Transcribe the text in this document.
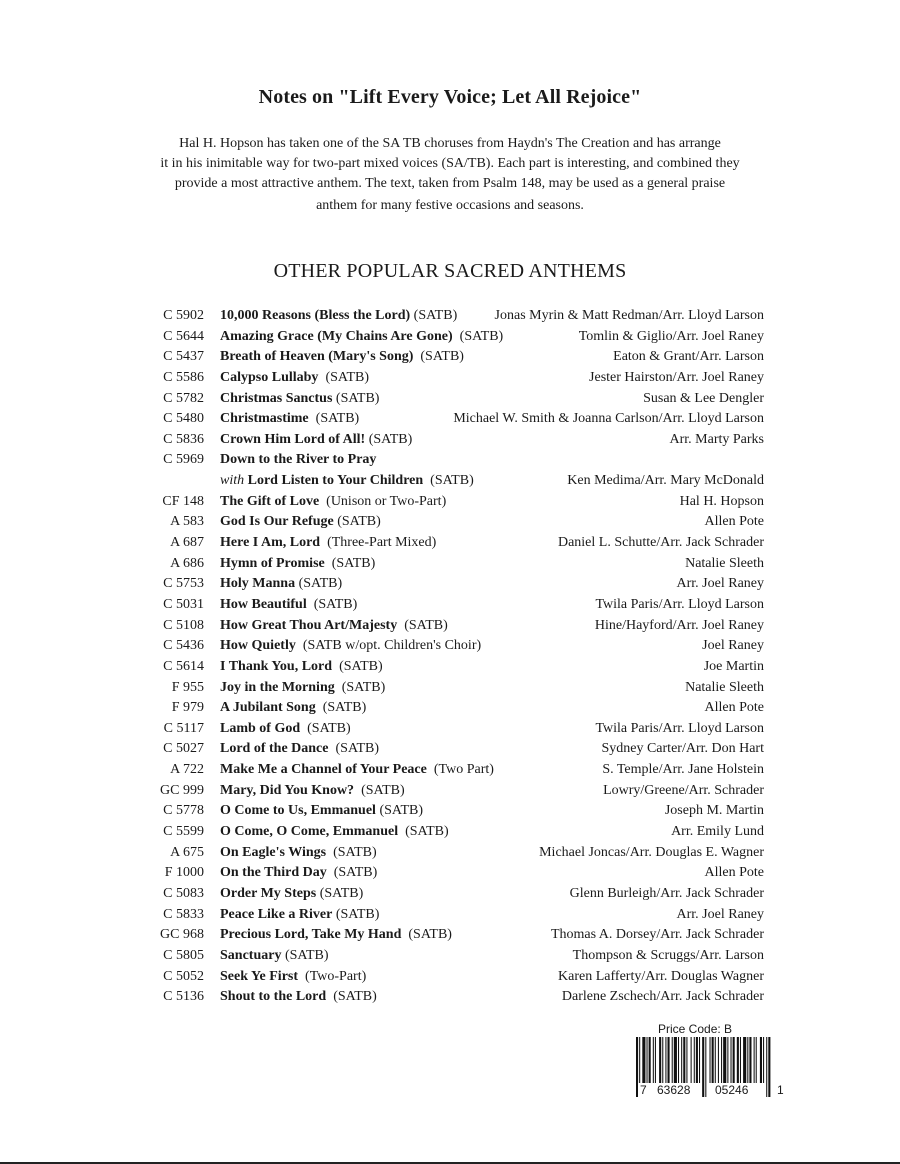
Notes on "Lift Every Voice; Let All Rejoice"
Hal H. Hopson has taken one of the SA TB choruses from Haydn's The Creation and has arrange
it in his inimitable way for two-part mixed voices (SA/TB). Each part is interesting, and combined they
provide a most attractive anthem. The text, taken from Psalm 148, may be used as a general praise
anthem for many festive occasions and seasons.
OTHER POPULAR SACRED ANTHEMS
C 5902 10,000 Reasons (Bless the Lord) (SATB)	Jonas Myrin & Matt Redman/Arr. Lloyd Larson
C 5644 Amazing Grace (My Chains Are Gone)  (SATB)	Tomlin & Giglio/Arr. Joel Raney
C 5437 Breath of Heaven (Mary's Song)  (SATB)	Eaton & Grant/Arr. Larson
C 5586 Calypso Lullaby  (SATB)	Jester Hairston/Arr. Joel Raney
C 5782 Christmas Sanctus (SATB)	Susan & Lee Dengler
C 5480 Christmastime  (SATB)	Michael W. Smith & Joanna Carlson/Arr. Lloyd Larson
C 5836 Crown Him Lord of All! (SATB)	Arr. Marty Parks
C 5969 Down to the River to Pray
with Lord Listen to Your Children  (SATB)	Ken Medima/Arr. Mary McDonald
CF 148 The Gift of Love  (Unison or Two-Part)	Hal H. Hopson
A 583 God Is Our Refuge (SATB)	Allen Pote
A 687 Here I Am, Lord  (Three-Part Mixed)	Daniel L. Schutte/Arr. Jack Schrader
A 686 Hymn of Promise  (SATB)	Natalie Sleeth
C 5753 Holy Manna (SATB)	Arr. Joel Raney
C 5031 How Beautiful  (SATB)	Twila Paris/Arr. Lloyd Larson
C 5108 How Great Thou Art/Majesty  (SATB)	Hine/Hayford/Arr. Joel Raney
C 5436 How Quietly  (SATB w/opt. Children's Choir)	Joel Raney
C 5614 I Thank You, Lord  (SATB)	Joe Martin
F 955 Joy in the Morning  (SATB)	Natalie Sleeth
F 979 A Jubilant Song  (SATB)	Allen Pote
C 5117 Lamb of God  (SATB)	Twila Paris/Arr. Lloyd Larson
C 5027 Lord of the Dance  (SATB)	Sydney Carter/Arr. Don Hart
A 722 Make Me a Channel of Your Peace  (Two Part)	S. Temple/Arr. Jane Holstein
GC 999 Mary, Did You Know?  (SATB)	Lowry/Greene/Arr. Schrader
C 5778 O Come to Us, Emmanuel (SATB)	Joseph M. Martin
C 5599 O Come, O Come, Emmanuel  (SATB)	Arr. Emily Lund
A 675 On Eagle's Wings  (SATB)	Michael Joncas/Arr. Douglas E. Wagner
F 1000 On the Third Day  (SATB)	Allen Pote
C 5083 Order My Steps (SATB)	Glenn Burleigh/Arr. Jack Schrader
C 5833 Peace Like a River (SATB)	Arr. Joel Raney
GC 968 Precious Lord, Take My Hand  (SATB)	Thomas A. Dorsey/Arr. Jack Schrader
C 5805 Sanctuary (SATB)	Thompson & Scruggs/Arr. Larson
C 5052 Seek Ye First  (Two-Part)	Karen Lafferty/Arr. Douglas Wagner
C 5136 Shout to the Lord  (SATB)	Darlene Zschech/Arr. Jack Schrader
Price Code: B
7 63628 05246 1
